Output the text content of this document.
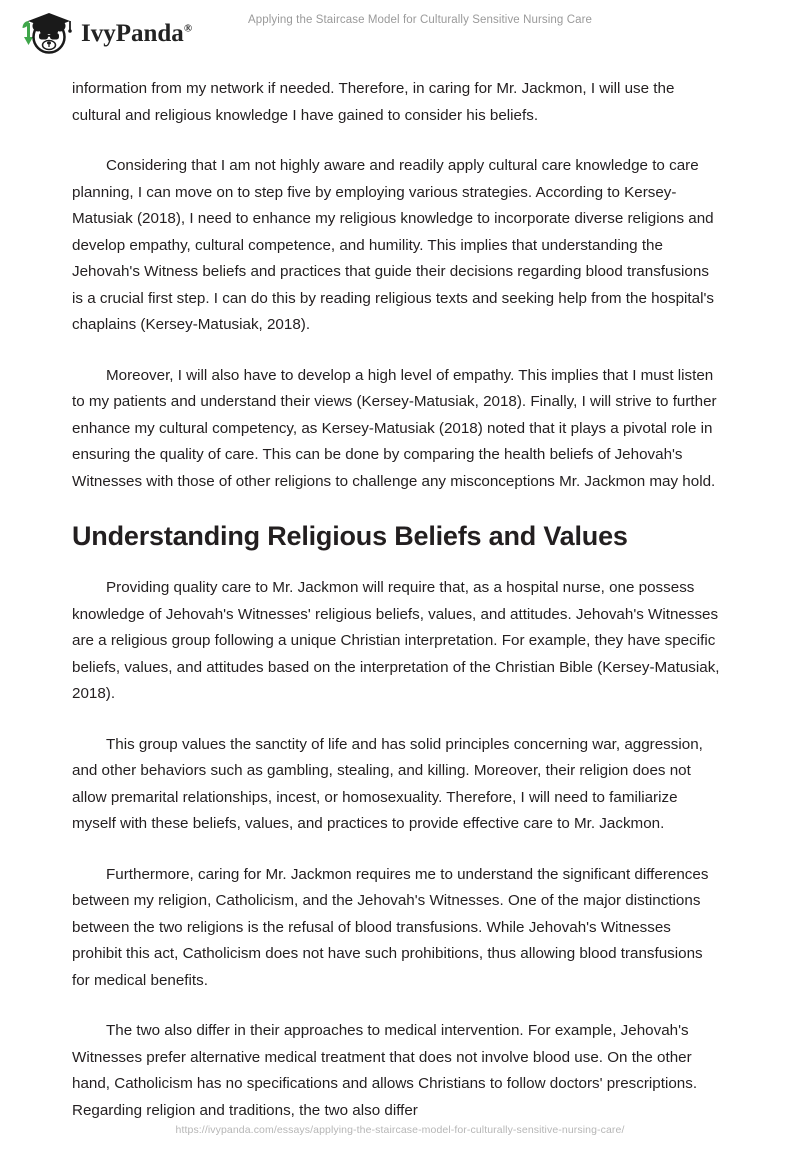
IvyPanda®
Applying the Staircase Model for Culturally Sensitive Nursing Care

information from my network if needed. Therefore, in caring for Mr. Jackmon, I will use the cultural and religious knowledge I have gained to consider his beliefs.

Considering that I am not highly aware and readily apply cultural care knowledge to care planning, I can move on to step five by employing various strategies. According to Kersey-Matusiak (2018), I need to enhance my religious knowledge to incorporate diverse religions and develop empathy, cultural competence, and humility. This implies that understanding the Jehovah's Witness beliefs and practices that guide their decisions regarding blood transfusions is a crucial first step. I can do this by reading religious texts and seeking help from the hospital's chaplains (Kersey-Matusiak, 2018).

Moreover, I will also have to develop a high level of empathy. This implies that I must listen to my patients and understand their views (Kersey-Matusiak, 2018). Finally, I will strive to further enhance my cultural competency, as Kersey-Matusiak (2018) noted that it plays a pivotal role in ensuring the quality of care. This can be done by comparing the health beliefs of Jehovah's Witnesses with those of other religions to challenge any misconceptions Mr. Jackmon may hold.

Understanding Religious Beliefs and Values

Providing quality care to Mr. Jackmon will require that, as a hospital nurse, one possess knowledge of Jehovah's Witnesses' religious beliefs, values, and attitudes. Jehovah's Witnesses are a religious group following a unique Christian interpretation. For example, they have specific beliefs, values, and attitudes based on the interpretation of the Christian Bible (Kersey-Matusiak, 2018).

This group values the sanctity of life and has solid principles concerning war, aggression, and other behaviors such as gambling, stealing, and killing. Moreover, their religion does not allow premarital relationships, incest, or homosexuality. Therefore, I will need to familiarize myself with these beliefs, values, and practices to provide effective care to Mr. Jackmon.

Furthermore, caring for Mr. Jackmon requires me to understand the significant differences between my religion, Catholicism, and the Jehovah's Witnesses. One of the major distinctions between the two religions is the refusal of blood transfusions. While Jehovah's Witnesses prohibit this act, Catholicism does not have such prohibitions, thus allowing blood transfusions for medical benefits.

The two also differ in their approaches to medical intervention. For example, Jehovah's Witnesses prefer alternative medical treatment that does not involve blood use. On the other hand, Catholicism has no specifications and allows Christians to follow doctors' prescriptions. Regarding religion and traditions, the two also differ

https://ivypanda.com/essays/applying-the-staircase-model-for-culturally-sensitive-nursing-care/
